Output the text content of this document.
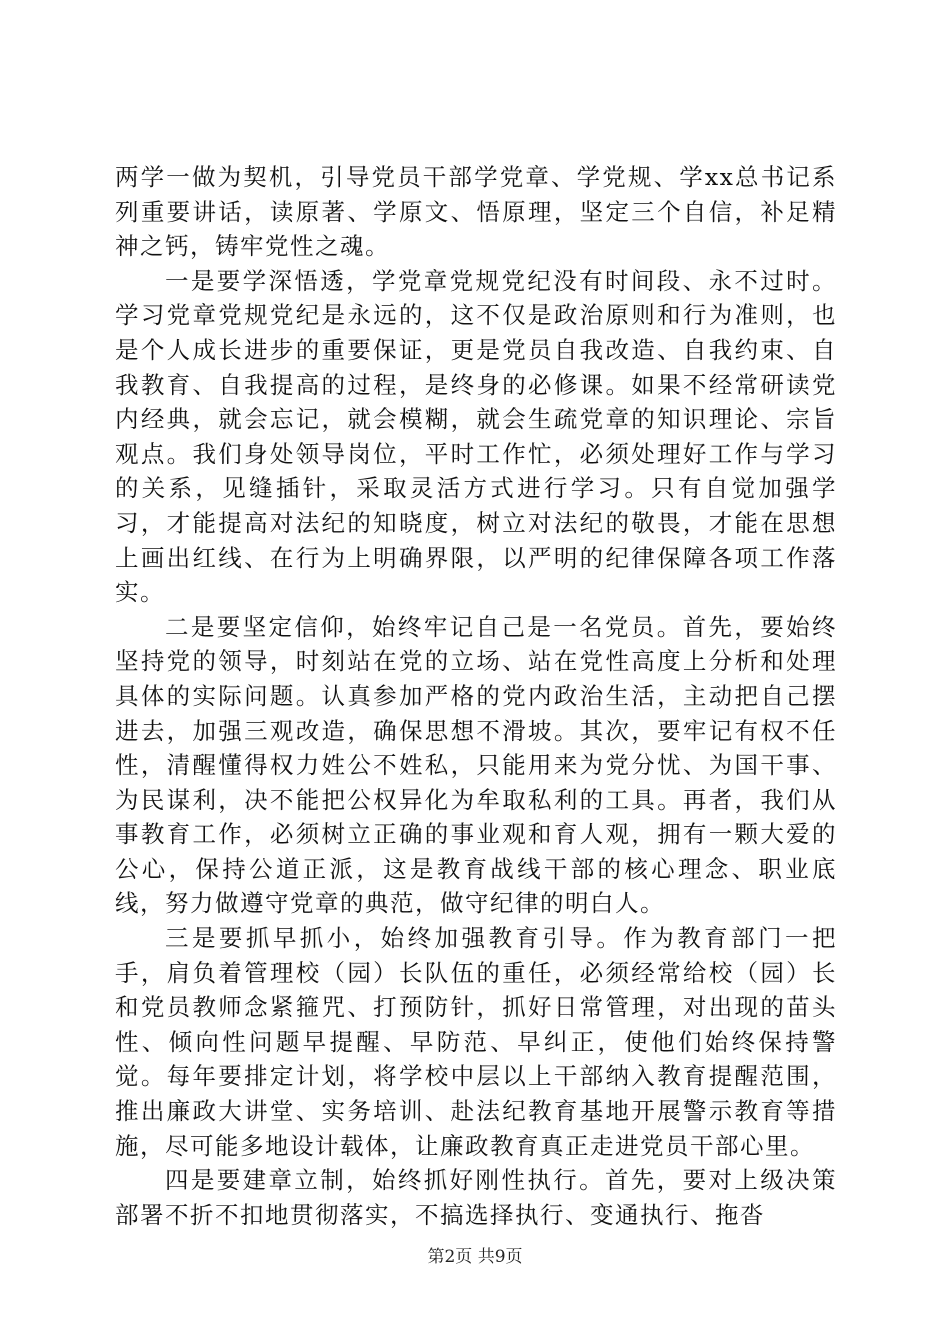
两学一做为契机，引导党员干部学党章、学党规、学xx总书记系列重要讲话，读原著、学原文、悟原理，坚定三个自信，补足精神之钙，铸牢党性之魂。

一是要学深悟透，学党章党规党纪没有时间段、永不过时。学习党章党规党纪是永远的，这不仅是政治原则和行为准则，也是个人成长进步的重要保证，更是党员自我改造、自我约束、自我教育、自我提高的过程，是终身的必修课。如果不经常研读党内经典，就会忘记，就会模糊，就会生疏党章的知识理论、宗旨观点。我们身处领导岗位，平时工作忙，必须处理好工作与学习的关系，见缝插针，采取灵活方式进行学习。只有自觉加强学习，才能提高对法纪的知晓度，树立对法纪的敬畏，才能在思想上画出红线、在行为上明确界限，以严明的纪律保障各项工作落实。

二是要坚定信仰，始终牢记自己是一名党员。首先，要始终坚持党的领导，时刻站在党的立场、站在党性高度上分析和处理具体的实际问题。认真参加严格的党内政治生活，主动把自己摆进去，加强三观改造，确保思想不滑坡。其次，要牢记有权不任性，清醒懂得权力姓公不姓私，只能用来为党分忧、为国干事、为民谋利，决不能把公权异化为牟取私利的工具。再者，我们从事教育工作，必须树立正确的事业观和育人观，拥有一颗大爱的公心，保持公道正派，这是教育战线干部的核心理念、职业底线，努力做遵守党章的典范，做守纪律的明白人。

三是要抓早抓小，始终加强教育引导。作为教育部门一把手，肩负着管理校（园）长队伍的重任，必须经常给校（园）长和党员教师念紧箍咒、打预防针，抓好日常管理，对出现的苗头性、倾向性问题早提醒、早防范、早纠正，使他们始终保持警觉。每年要排定计划，将学校中层以上干部纳入教育提醒范围，推出廉政大讲堂、实务培训、赴法纪教育基地开展警示教育等措施，尽可能多地设计载体，让廉政教育真正走进党员干部心里。

四是要建章立制，始终抓好刚性执行。首先，要对上级决策部署不折不扣地贯彻落实，不搞选择执行、变通执行、拖沓

第2页 共9页
